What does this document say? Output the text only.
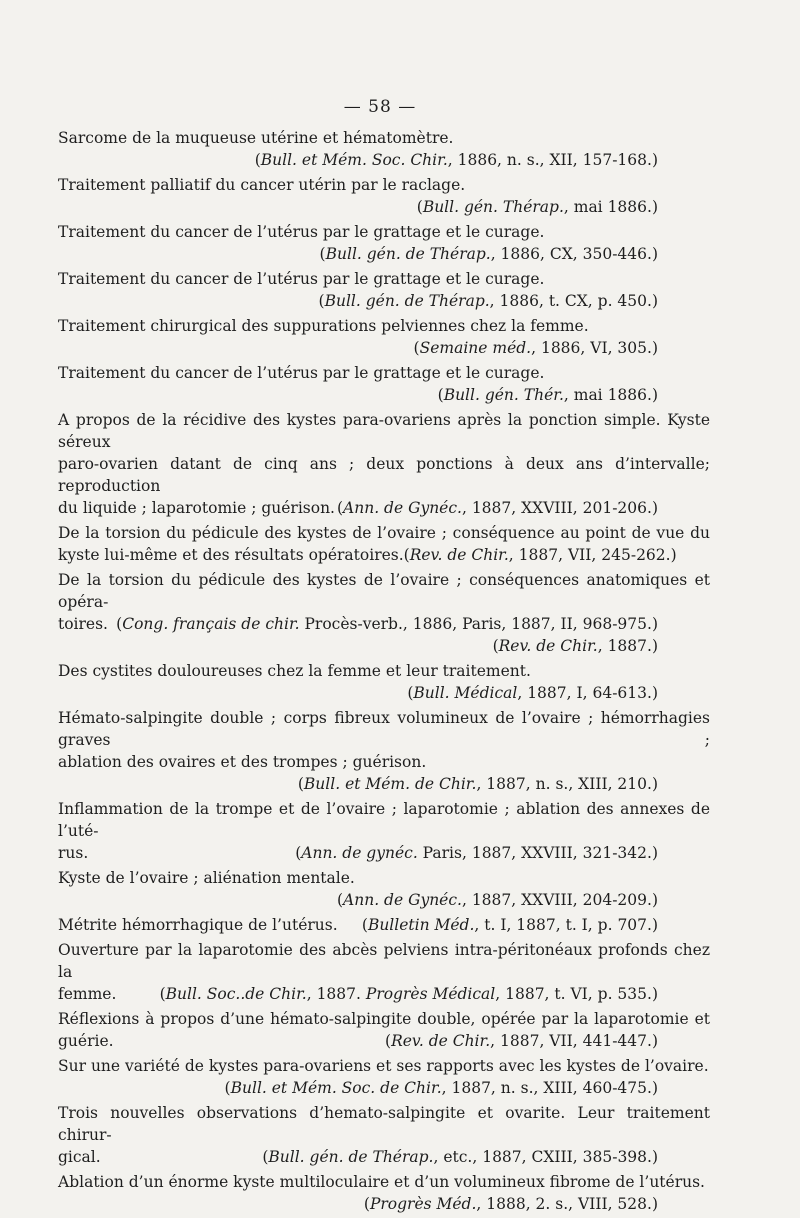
— 58 —
Sarcome de la muqueuse utérine et hématomètre.
(Bull. et Mém. Soc. Chir., 1886, n. s., XII, 157-168.)
Traitement palliatif du cancer utérin par le raclage.
(Bull. gén. Thérap., mai 1886.)
Traitement du cancer de l’utérus par le grattage et le curage.
(Bull. gén. de Thérap., 1886, CX, 350-446.)
Traitement du cancer de l’utérus par le grattage et le curage.
(Bull. gén. de Thérap., 1886, t. CX, p. 450.)
Traitement chirurgical des suppurations pelviennes chez la femme.
(Semaine méd., 1886, VI, 305.)
Traitement du cancer de l’utérus par le grattage et le curage.
(Bull. gén. Thér., mai 1886.)
A propos de la récidive des kystes para-ovariens après la ponction simple. Kyste séreux
paro-ovarien datant de cinq ans ; deux ponctions à deux ans d’intervalle; reproduction
du liquide ; laparotomie ; guérison. (Ann. de Gynéc., 1887, XXVIII, 201-206.)
De la torsion du pédicule des kystes de l’ovaire ; conséquence au point de vue du
kyste lui-même et des résultats opératoires. (Rev. de Chir., 1887, VII, 245-262.)
De la torsion du pédicule des kystes de l’ovaire ; conséquences anatomiques et opéra-
toires. (Cong. français de chir. Procès-verb., 1886, Paris, 1887, II, 968-975.)
(Rev. de Chir., 1887.)
Des cystites douloureuses chez la femme et leur traitement.
(Bull. Médical, 1887, I, 64-613.)
Hémato-salpingite double ; corps fibreux volumineux de l’ovaire ; hémorrhagies graves ;
ablation des ovaires et des trompes ; guérison.
(Bull. et Mém. de Chir., 1887, n. s., XIII, 210.)
Inflammation de la trompe et de l’ovaire ; laparotomie ; ablation des annexes de l’uté-
rus.	(Ann. de gynéc. Paris, 1887, XXVIII, 321-342.)
Kyste de l’ovaire ; aliénation mentale.
(Ann. de Gynéc., 1887, XXVIII, 204-209.)
Métrite hémorrhagique de l’utérus. (Bulletin Méd., t. I, 1887, t. I, p. 707.)
Ouverture par la laparotomie des abcès pelviens intra-péritonéaux profonds chez la
femme.	(Bull. Soc..de Chir., 1887. Progrès Médical, 1887, t. VI, p. 535.)
Réflexions à propos d’une hémato-salpingite double, opérée par la laparotomie et
guérie.	(Rev. de Chir., 1887, VII, 441-447.)
Sur une variété de kystes para-ovariens et ses rapports avec les kystes de l’ovaire.
(Bull. et Mém. Soc. de Chir., 1887, n. s., XIII, 460-475.)
Trois nouvelles observations d’hemato-salpingite et ovarite. Leur traitement chirur-
gical.	(Bull. gén. de Thérap., etc., 1887, CXIII, 385-398.)
Ablation d’un énorme kyste multiloculaire et d’un volumineux fibrome de l’utérus.
(Progrès Méd., 1888, 2. s., VIII, 528.)
